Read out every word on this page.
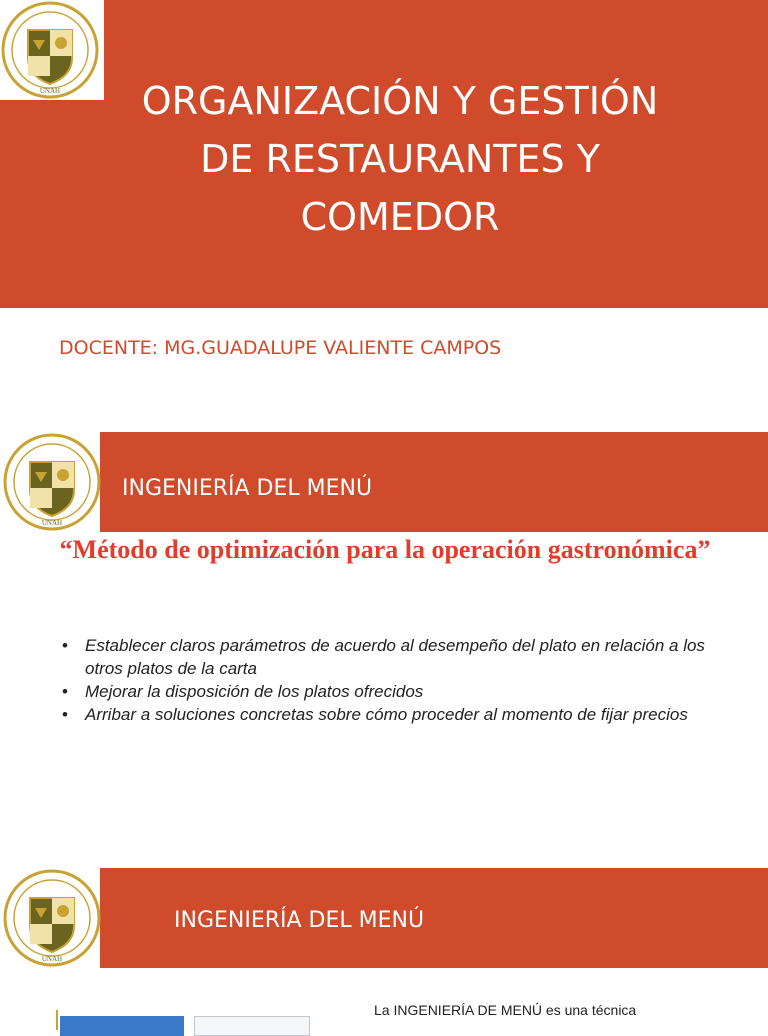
UNAH	ORGANIZACIÓN Y GESTIÓN DE RESTAURANTES Y COMEDOR
DOCENTE: MG.GUADALUPE VALIENTE CAMPOS
INGENIERÍA DEL MENÚ
UNAH
“Método de optimización para la operación gastronómica”
• Establecer claros parámetros de acuerdo al desempeño del plato en relación a los otros platos de la carta
• Mejorar la disposición de los platos ofrecidos
• Arribar a soluciones concretas sobre cómo proceder al momento de fijar precios
INGENIERÍA DEL MENÚ
UNAH
La INGENIERÍA DE MENÚ es una técnica
